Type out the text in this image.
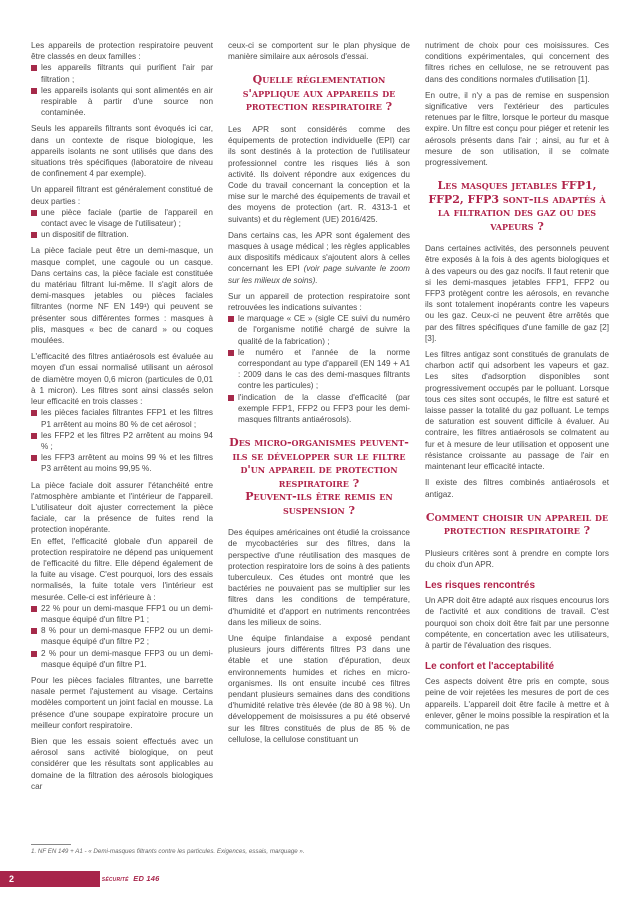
Les appareils de protection respiratoire peuvent être classés en deux familles :

les appareils filtrants qui purifient l'air par filtration ;
les appareils isolants qui sont alimentés en air respirable à partir d'une source non contaminée.

Seuls les appareils filtrants sont évoqués ici car, dans un contexte de risque biologique, les appareils isolants ne sont utilisés que dans des situations très spécifiques (laboratoire de niveau de confinement 4 par exemple).

Un appareil filtrant est généralement constitué de deux parties :

une pièce faciale (partie de l'appareil en contact avec le visage de l'utilisateur) ;
un dispositif de filtration.

La pièce faciale peut être un demi-masque, un masque complet, une cagoule ou un casque. Dans certains cas, la pièce faciale est constituée du matériau filtrant lui-même. Il s'agit alors de demi-masques jetables ou pièces faciales filtrantes (norme NF EN 149¹) qui peuvent se présenter sous différentes formes : masques à plis, masques « bec de canard » ou coques moulées.

L'efficacité des filtres antiaérosols est évaluée au moyen d'un essai normalisé utilisant un aérosol de diamètre moyen 0,6 micron (particules de 0,01 à 1 micron). Les filtres sont ainsi classés selon leur efficacité en trois classes :

les pièces faciales filtrantes FFP1 et les filtres P1 arrêtent au moins 80 % de cet aérosol ;
les FFP2 et les filtres P2 arrêtent au moins 94 % ;
les FFP3 arrêtent au moins 99 % et les filtres P3 arrêtent au moins 99,95 %.

La pièce faciale doit assurer l'étanchéité entre l'atmosphère ambiante et l'intérieur de l'appareil. L'utilisateur doit ajuster correctement la pièce faciale, car la présence de fuites rend la protection inopérante.

En effet, l'efficacité globale d'un appareil de protection respiratoire ne dépend pas uniquement de l'efficacité du filtre. Elle dépend également de la fuite au visage. C'est pourquoi, lors des essais normalisés, la fuite totale vers l'intérieur est mesurée. Celle-ci est inférieure à :

22 % pour un demi-masque FFP1 ou un demi-masque équipé d'un filtre P1 ;
8 % pour un demi-masque FFP2 ou un demi-masque équipé d'un filtre P2 ;
2 % pour un demi-masque FFP3 ou un demi-masque équipé d'un filtre P1.

Pour les pièces faciales filtrantes, une barrette nasale permet l'ajustement au visage. Certains modèles comportent un joint facial en mousse. La présence d'une soupape expiratoire procure un meilleur confort respiratoire.

Bien que les essais soient effectués avec un aérosol sans activité biologique, on peut considérer que les résultats sont applicables au domaine de la filtration des aérosols biologiques car

ceux-ci se comportent sur le plan physique de manière similaire aux aérosols d'essai.

Quelle réglementation s'applique aux appareils de protection respiratoire ?

Les APR sont considérés comme des équipements de protection individuelle (EPI) car ils sont destinés à la protection de l'utilisateur professionnel contre les risques liés à son activité. Ils doivent répondre aux exigences du Code du travail concernant la conception et la mise sur le marché des équipements de travail et des moyens de protection (art. R. 4313-1 et suivants) et du règlement (UE) 2016/425.

Dans certains cas, les APR sont également des masques à usage médical ; les règles applicables aux dispositifs médicaux s'ajoutent alors à celles concernant les EPI (voir page suivante le zoom sur les milieux de soins).

Sur un appareil de protection respiratoire sont retrouvées les indications suivantes :

le marquage « CE » (sigle CE suivi du numéro de l'organisme notifié chargé de suivre la qualité de la fabrication) ;
le numéro et l'année de la norme correspondant au type d'appareil (EN 149 + A1 : 2009 dans le cas des demi-masques filtrants contre les particules) ;
l'indication de la classe d'efficacité (par exemple FFP1, FFP2 ou FFP3 pour les demi-masques filtrants antiaérosols).
Des micro-organismes peuvent-ils se développer sur le filtre d'un appareil de protection respiratoire ?
Peuvent-ils être remis en suspension ?

Des équipes américaines ont étudié la croissance de mycobactéries sur des filtres, dans la perspective d'une réutilisation des masques de protection respiratoire lors de soins à des patients tuberculeux. Ces études ont montré que les bactéries ne pouvaient pas se multiplier sur les filtres dans les conditions de température, d'humidité et d'apport en nutriments rencontrées dans les milieux de soins.

Une équipe finlandaise a exposé pendant plusieurs jours différents filtres P3 dans une étable et une station d'épuration, deux environnements humides et riches en micro-organismes. Ils ont ensuite incubé ces filtres pendant plusieurs semaines dans des conditions d'humidité relative très élevée (de 80 à 98 %). Un développement de moisissures a pu été observé sur les filtres constitués de plus de 85 % de cellulose, la cellulose constituant un

nutriment de choix pour ces moisissures. Ces conditions expérimentales, qui concernent des filtres riches en cellulose, ne se retrouvent pas dans des conditions normales d'utilisation [1].

En outre, il n'y a pas de remise en suspension significative vers l'extérieur des particules retenues par le filtre, lorsque le porteur du masque expire. Un filtre est conçu pour piéger et retenir les aérosols présents dans l'air ; ainsi, au fur et à mesure de son utilisation, il se colmate progressivement.

Les masques jetables FFP1, FFP2, FFP3 sont-ils adaptés à la filtration des gaz ou des vapeurs ?

Dans certaines activités, des personnels peuvent être exposés à la fois à des agents biologiques et à des vapeurs ou des gaz nocifs. Il faut retenir que si les demi-masques jetables FFP1, FFP2 ou FFP3 protègent contre les aérosols, en revanche ils sont totalement inopérants contre les vapeurs ou les gaz. Ceux-ci ne peuvent être arrêtés que par des filtres spécifiques d'une famille de gaz [2] [3].

Les filtres antigaz sont constitués de granulats de charbon actif qui adsorbent les vapeurs et gaz. Les sites d'adsorption disponibles sont progressivement occupés par le polluant. Lorsque tous ces sites sont occupés, le filtre est saturé et laisse passer la totalité du gaz polluant. Le temps de saturation est souvent difficile à évaluer. Au contraire, les filtres antiaérosols se colmatent au fur et à mesure de leur utilisation et opposent une résistance croissante au passage de l'air en maintenant leur efficacité intacte.

Il existe des filtres combinés antiaérosols et antigaz.

Comment choisir un appareil de protection respiratoire ?

Plusieurs critères sont à prendre en compte lors du choix d'un APR.

Les risques rencontrés

Un APR doit être adapté aux risques encourus lors de l'activité et aux conditions de travail. C'est pourquoi son choix doit être fait par une personne compétente, en concertation avec les utilisateurs, à partir de l'évaluation des risques.

Le confort et l'acceptabilité

Ces aspects doivent être pris en compte, sous peine de voir rejetées les mesures de port de ces appareils. L'appareil doit être facile à mettre et à enlever, gêner le moins possible la respiration et la communication, ne pas

1. NF EN 149 + A1 - « Demi-masques filtrants contre les particules. Exigences, essais, marquage ».
2	Fiche pratique de sécurité ED 146
